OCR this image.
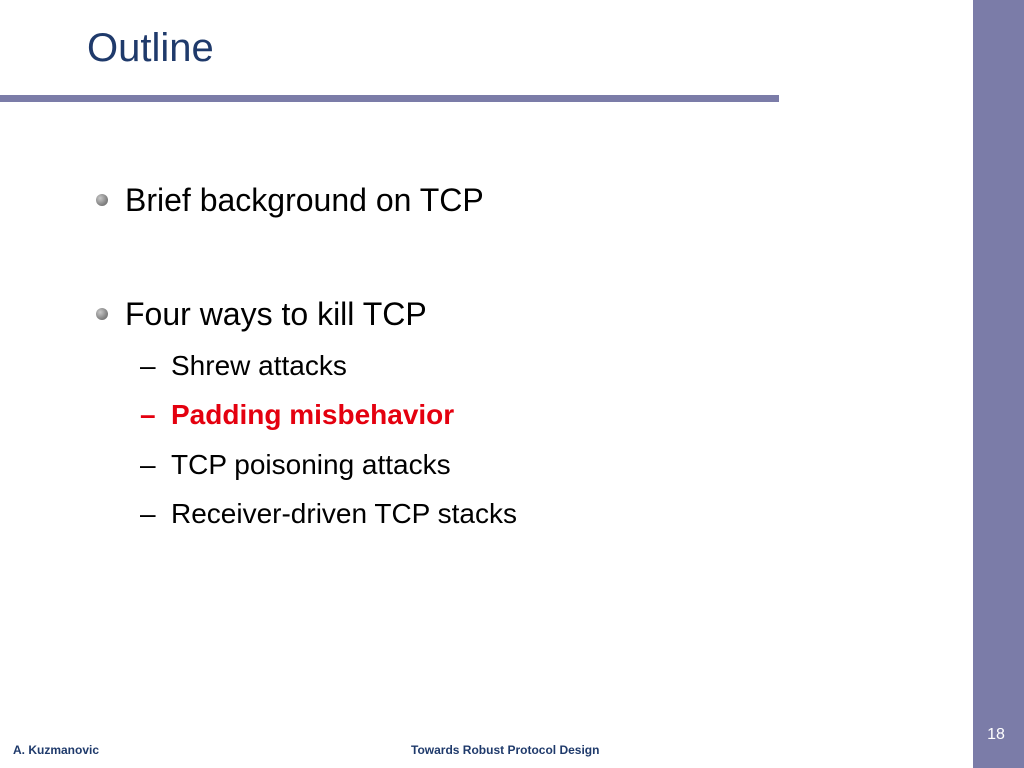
18
Outline
Brief background on TCP
Four ways to kill TCP
– Shrew attacks
– Padding misbehavior
– TCP poisoning attacks
– Receiver-driven TCP stacks
A. Kuzmanovic	Towards Robust Protocol Design
